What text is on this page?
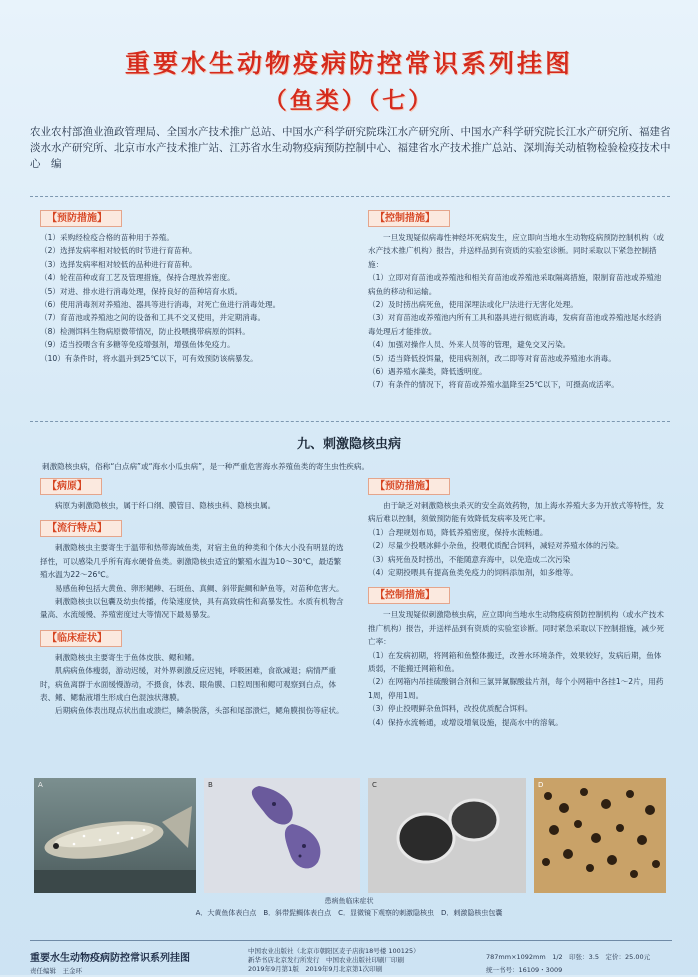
重要水生动物疫病防控常识系列挂图
（鱼类）（七）
农业农村部渔业渔政管理局、全国水产技术推广总站、中国水产科学研究院珠江水产研究所、中国水产科学研究院长江水产研究所、福建省淡水水产研究所、北京市水产技术推广站、江苏省水生动物疫病预防控制中心、福建省水产技术推广总站、深圳海关动植物检验检疫技术中心　编
【预防措施】

（1）采购经检疫合格的苗种用于养殖。

（2）选择发病率相对较低的时节进行育苗种。

（3）选择发病率相对较低的品种进行育苗种。

（4）轮茬苗种或育工艺及管理措施，保持合理放养密度。

（5）对进、排水进行消毒处理，保持良好的苗种培育水质。

（6）使用消毒剂对养殖池、器具等进行消毒，对死亡鱼进行消毒处理。

（7）育苗池或养殖池之间的设备和工具不交叉使用，并定期消毒。

（8）检测饵料生物病原微带情况，防止投喂携带病原的饵料。

（9）适当投喂含有多糖等免疫增强剂，增强鱼体免疫力。

（10）有条件时，将水温升到25℃以下，可有效预防该病暴发。

【控制措施】

一旦发现疑似病毒性神经坏死病发生，应立即向当地水生动物疫病预防控制机构（或水产技术推广机构）报告，并送样品到有资质的实验室诊断。同时采取以下紧急控制措施：

（1）立即对育苗池或养殖池和相关育苗池或养殖池采取隔离措施，限制育苗池或养殖池病鱼的移动和运输。

（2）及时捞出病死鱼，使用深埋法或化尸法进行无害化处理。

（3）对育苗池或养殖池内所有工具和器具进行彻底消毒，发病育苗池或养殖池尾水经消毒处理后才能排放。

（4）加强对操作人员、外来人员等的管理，避免交叉污染。

（5）适当降低投饵量，使用病剂剂，改二即等对育苗池或养殖池水消毒。

（6）遇养殖水藻类，降低透明度。

（7）有条件的情况下，将育苗或养殖水温降至25℃以下，可摄高成活率。

九、刺激隐核虫病
刺激隐核虫病，俗称“白点病”或“海水小瓜虫病”，是一种严重危害海水养殖鱼类的寄生虫性疾病。
【病原】

病原为刺激隐核虫，属于纤口纲、膜管目、隐核虫科、隐核虫属。

【流行特点】

刺激隐核虫主要寄生于温带和热带海域鱼类，对宿主鱼的种类和个体大小没有明显的选择性，可以感染几乎所有海水硬骨鱼类。刺激隐核虫适宜的繁殖水温为10～30℃，最适繁殖水温为22～26℃。

易感鱼种包括大黄鱼、卵形鲳鲹、石斑鱼、真鲷、斜带髭鲷和鲈鱼等，对苗种危害大。

刺激隐核虫以包囊及幼虫传播，传染速度快，具有高致病性和高暴发性。水质有机物含量高、水流缓慢、养殖密度过大等情况下最易暴发。

【临床症状】

刺激隐核虫主要寄生于鱼体皮肤、鳃和鳍。

肌病病鱼体瘦弱，游动迟缓，对外界刺激反应迟钝，呼吸困难，食欲减退；病情严重时，病鱼离群于水面缓慢游动，不摄食，体表、眼角膜、口腔周围和鳃可观察到白点，体表、鳍、鳃黏液增生形成白色混浊状薄膜。

后期病鱼体表出现点状出血或溃烂，鳞条脱落，头部和尾部溃烂，鳃角膜损伤等症状。

【预防措施】

由于缺乏对刺激隐核虫杀灭的安全高效药物，加上海水养殖大多为开放式等特性，发病后难以控制，须做预防能有效降低发病率及死亡率。

（1）合理规划布局，降低养殖密度，保持水流畅通。

（2）尽量少投喂冰鲜小杂鱼，投喂优质配合饲料，减轻对养殖水体的污染。

（3）病死鱼及时捞出，不能随意弃海中，以免造成二次污染

（4）定期投喂具有提高鱼类免疫力的饲料添加剂，如多维等。

【控制措施】

一旦发现疑似刺激隐核虫病，应立即向当地水生动物疫病预防控制机构（或水产技术推广机构）报告，并送样品到有资质的实验室诊断。同时紧急采取以下控制措施，减少死亡率：

（1）在发病初期，将网箱和鱼整体搬迁，改善水环境条件，效果较好，发病后期，鱼体质弱，不能搬迁网箱和鱼。

（2）在网箱内吊挂硫酸铜合剂和三氯异氰脲酸盐片剂，每个小网箱中各挂1～2片，用药1周，停用1周。

（3）停止投喂鲜杂鱼饵料，改投优质配合饵料。

（4）保持水流畅通，或增设增氧设施，提高水中的溶氧。

A	B	C	D
患病鱼临床症状
A．大黄鱼体表白点　B．斜带髭鲷体表白点　C．显微镜下观察的刺激隐核虫　D．刺激隐核虫包囊
重要水生动物疫病防控常识系列挂图
责任编辑　王金环
中国农业出版社（北京市朝阳区麦子店街18号楼 100125）
新华书店北京发行所发行　中国农业出版社印刷厂印刷
2019年9月第1版　2019年9月北京第1次印刷
787mm×1092mm　1/2　印张：3.5　定价：25.00元
统一书号：16109・3009
